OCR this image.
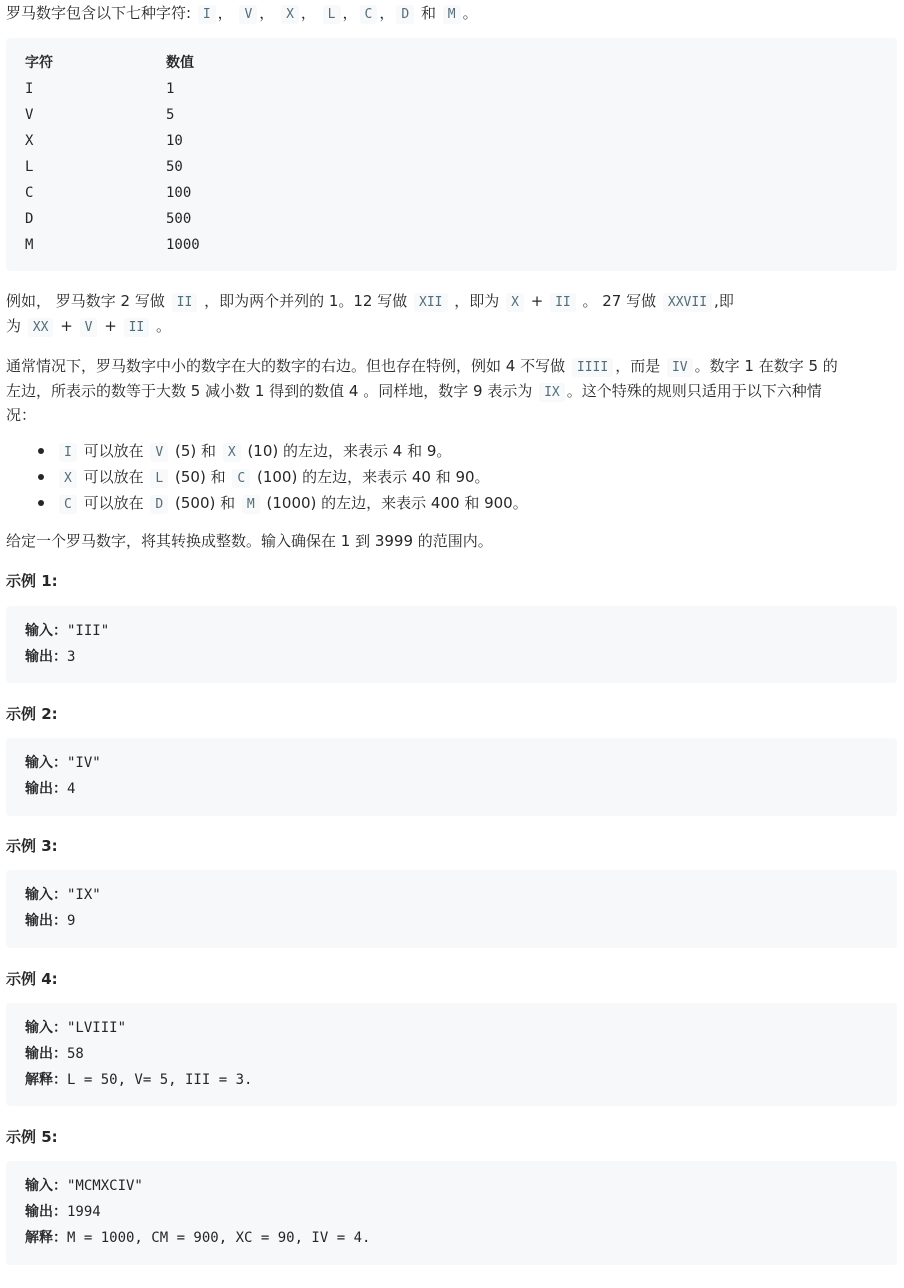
罗马数字包含以下七种字符: I ， V ， X ， L ， C ， D 和 M 。
字符	数值
I	1
V	5
X	10
L	50
C	100
D	500
M	1000
例如， 罗马数字 2 写做 II ，即为两个并列的 1。12 写做 XII ，即为 X + II 。 27 写做 XXVII ,即
为 XX + V + II 。
通常情况下，罗马数字中小的数字在大的数字的右边。但也存在特例，例如 4 不写做 IIII ，而是 IV 。数字 1 在数字 5 的
左边，所表示的数等于大数 5 减小数 1 得到的数值 4 。同样地，数字 9 表示为 IX 。这个特殊的规则只适用于以下六种情
况：
I 可以放在 V (5) 和 X (10) 的左边，来表示 4 和 9。
X 可以放在 L (50) 和 C (100) 的左边，来表示 40 和 90。
C 可以放在 D (500) 和 M (1000) 的左边，来表示 400 和 900。
给定一个罗马数字，将其转换成整数。输入确保在 1 到 3999 的范围内。
示例 1:
输入："III"
输出：3
示例 2:
输入："IV"
输出：4
示例 3:
输入："IX"
输出：9
示例 4:
输入："LVIII"
输出：58
解释：L = 50, V= 5, III = 3.
示例 5:
输入："MCMXCIV"
输出：1994
解释：M = 1000, CM = 900, XC = 90, IV = 4.
